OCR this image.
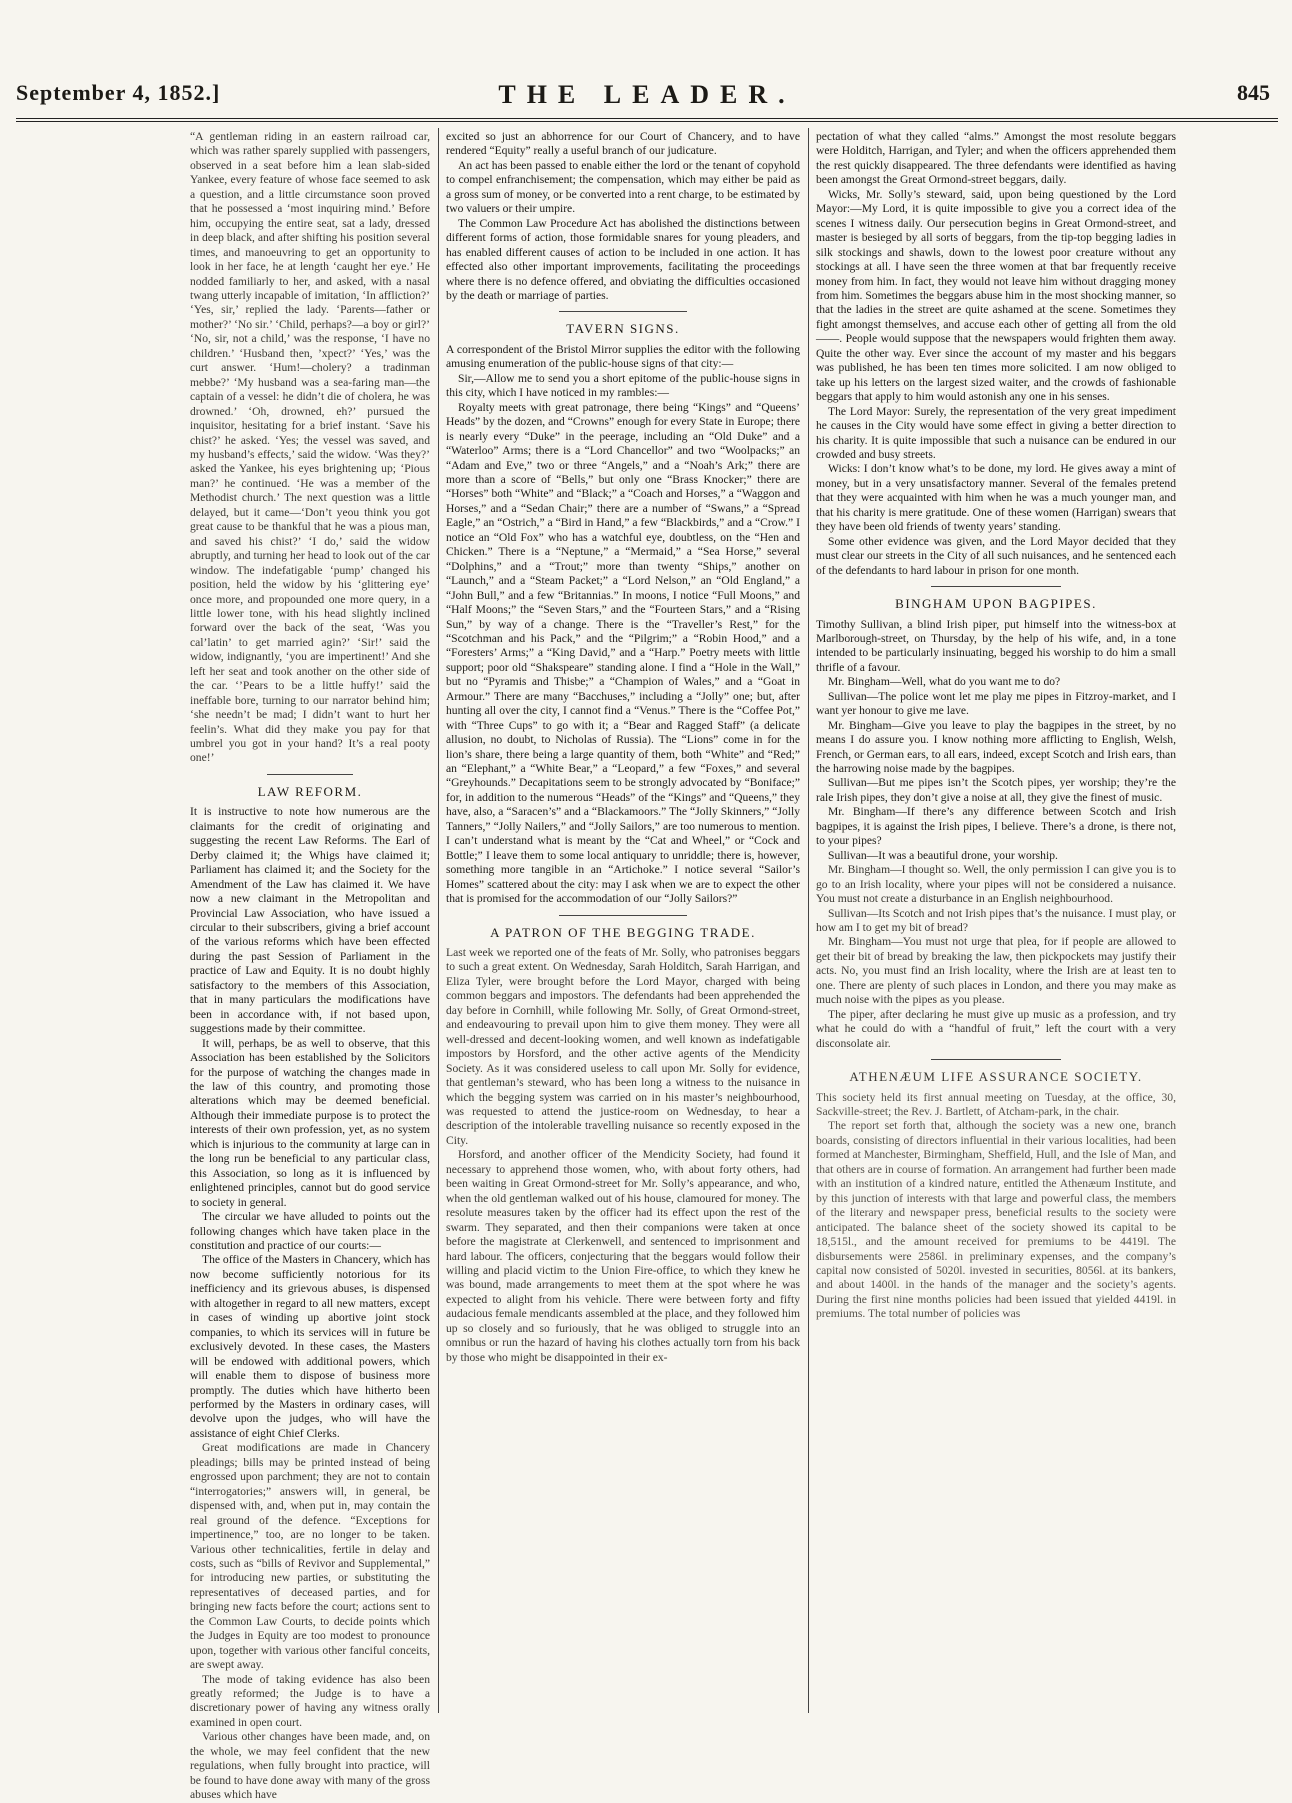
September 4, 1852.]	THE LEADER.	845

“A gentleman riding in an eastern railroad car, which was rather sparely supplied with passengers, observed in a seat before him a lean slab-sided Yankee, every feature of whose face seemed to ask a question, and a little circumstance soon proved that he possessed a ‘most inquiring mind.’ Before him, occupying the entire seat, sat a lady, dressed in deep black, and after shifting his position several times, and manoeuvring to get an opportunity to look in her face, he at length ‘caught her eye.’ He nodded familiarly to her, and asked, with a nasal twang utterly incapable of imitation, ‘In affliction?’ ‘Yes, sir,’ replied the lady. ‘Parents—father or mother?’ ‘No sir.’ ‘Child, perhaps?—a boy or girl?’ ‘No, sir, not a child,’ was the response, ‘I have no children.’ ‘Husband then, ’xpect?’ ‘Yes,’ was the curt answer. ‘Hum!—cholery? a tradinman mebbe?’ ‘My husband was a sea-faring man—the captain of a vessel: he didn’t die of cholera, he was drowned.’ ‘Oh, drowned, eh?’ pursued the inquisitor, hesitating for a brief instant. ‘Save his chist?’ he asked. ‘Yes; the vessel was saved, and my husband’s effects,’ said the widow. ‘Was they?’ asked the Yankee, his eyes brightening up; ‘Pious man?’ he continued. ‘He was a member of the Methodist church.’ The next question was a little delayed, but it came—‘Don’t yeou think you got great cause to be thankful that he was a pious man, and saved his chist?’ ‘I do,’ said the widow abruptly, and turning her head to look out of the car window. The indefatigable ‘pump’ changed his position, held the widow by his ‘glittering eye’ once more, and propounded one more query, in a little lower tone, with his head slightly inclined forward over the back of the seat, ‘Was you cal’latin’ to get married agin?’ ‘Sir!’ said the widow, indignantly, ‘you are impertinent!’ And she left her seat and took another on the other side of the car. ‘’Pears to be a little huffy!’ said the ineffable bore, turning to our narrator behind him; ‘she needn’t be mad; I didn’t want to hurt her feelin’s. What did they make you pay for that umbrel you got in your hand? It’s a real pooty one!’

LAW REFORM.

It is instructive to note how numerous are the claimants for the credit of originating and suggesting the recent Law Reforms. The Earl of Derby claimed it; the Whigs have claimed it; Parliament has claimed it; and the Society for the Amendment of the Law has claimed it. We have now a new claimant in the Metropolitan and Provincial Law Association, who have issued a circular to their subscribers, giving a brief account of the various reforms which have been effected during the past Session of Parliament in the practice of Law and Equity. It is no doubt highly satisfactory to the members of this Association, that in many particulars the modifications have been in accordance with, if not based upon, suggestions made by their committee.

It will, perhaps, be as well to observe, that this Association has been established by the Solicitors for the purpose of watching the changes made in the law of this country, and promoting those alterations which may be deemed beneficial. Although their immediate purpose is to protect the interests of their own profession, yet, as no system which is injurious to the community at large can in the long run be beneficial to any particular class, this Association, so long as it is influenced by enlightened principles, cannot but do good service to society in general.

The circular we have alluded to points out the following changes which have taken place in the constitution and practice of our courts:—

The office of the Masters in Chancery, which has now become sufficiently notorious for its inefficiency and its grievous abuses, is dispensed with altogether in regard to all new matters, except in cases of winding up abortive joint stock companies, to which its services will in future be exclusively devoted. In these cases, the Masters will be endowed with additional powers, which will enable them to dispose of business more promptly. The duties which have hitherto been performed by the Masters in ordinary cases, will devolve upon the judges, who will have the assistance of eight Chief Clerks.

Great modifications are made in Chancery pleadings; bills may be printed instead of being engrossed upon parchment; they are not to contain “interrogatories;” answers will, in general, be dispensed with, and, when put in, may contain the real ground of the defence. “Exceptions for impertinence,” too, are no longer to be taken. Various other technicalities, fertile in delay and costs, such as “bills of Revivor and Supplemental,” for introducing new parties, or substituting the representatives of deceased parties, and for bringing new facts before the court; actions sent to the Common Law Courts, to decide points which the Judges in Equity are too modest to pronounce upon, together with various other fanciful conceits, are swept away.

The mode of taking evidence has also been greatly reformed; the Judge is to have a discretionary power of having any witness orally examined in open court.

Various other changes have been made, and, on the whole, we may feel confident that the new regulations, when fully brought into practice, will be found to have done away with many of the gross abuses which have

excited so just an abhorrence for our Court of Chancery, and to have rendered “Equity” really a useful branch of our judicature.

An act has been passed to enable either the lord or the tenant of copyhold to compel enfranchisement; the compensation, which may either be paid as a gross sum of money, or be converted into a rent charge, to be estimated by two valuers or their umpire.

The Common Law Procedure Act has abolished the distinctions between different forms of action, those formidable snares for young pleaders, and has enabled different causes of action to be included in one action. It has effected also other important improvements, facilitating the proceedings where there is no defence offered, and obviating the difficulties occasioned by the death or marriage of parties.

TAVERN SIGNS.

A correspondent of the Bristol Mirror supplies the editor with the following amusing enumeration of the public-house signs of that city:—

Sir,—Allow me to send you a short epitome of the public-house signs in this city, which I have noticed in my rambles:—

Royalty meets with great patronage, there being “Kings” and “Queens’ Heads” by the dozen, and “Crowns” enough for every State in Europe; there is nearly every “Duke” in the peerage, including an “Old Duke” and a “Waterloo” Arms; there is a “Lord Chancellor” and two “Woolpacks;” an “Adam and Eve,” two or three “Angels,” and a “Noah’s Ark;” there are more than a score of “Bells,” but only one “Brass Knocker;” there are “Horses” both “White” and “Black;” a “Coach and Horses,” a “Waggon and Horses,” and a “Sedan Chair;” there are a number of “Swans,” a “Spread Eagle,” an “Ostrich,” a “Bird in Hand,” a few “Blackbirds,” and a “Crow.” I notice an “Old Fox” who has a watchful eye, doubtless, on the “Hen and Chicken.” There is a “Neptune,” a “Mermaid,” a “Sea Horse,” several “Dolphins,” and a “Trout;” more than twenty “Ships,” another on “Launch,” and a “Steam Packet;” a “Lord Nelson,” an “Old England,” a “John Bull,” and a few “Britannias.” In moons, I notice “Full Moons,” and “Half Moons;” the “Seven Stars,” and the “Fourteen Stars,” and a “Rising Sun,” by way of a change. There is the “Traveller’s Rest,” for the “Scotchman and his Pack,” and the “Pilgrim;” a “Robin Hood,” and a “Foresters’ Arms;” a “King David,” and a “Harp.” Poetry meets with little support; poor old “Shakspeare” standing alone. I find a “Hole in the Wall,” but no “Pyramis and Thisbe;” a “Champion of Wales,” and a “Goat in Armour.” There are many “Bacchuses,” including a “Jolly” one; but, after hunting all over the city, I cannot find a “Venus.” There is the “Coffee Pot,” with “Three Cups” to go with it; a “Bear and Ragged Staff” (a delicate allusion, no doubt, to Nicholas of Russia). The “Lions” come in for the lion’s share, there being a large quantity of them, both “White” and “Red;” an “Elephant,” a “White Bear,” a “Leopard,” a few “Foxes,” and several “Greyhounds.” Decapitations seem to be strongly advocated by “Boniface;” for, in addition to the numerous “Heads” of the “Kings” and “Queens,” they have, also, a “Saracen’s” and a “Blackamoors.” The “Jolly Skinners,” “Jolly Tanners,” “Jolly Nailers,” and “Jolly Sailors,” are too numerous to mention. I can’t understand what is meant by the “Cat and Wheel,” or “Cock and Bottle;” I leave them to some local antiquary to unriddle; there is, however, something more tangible in an “Artichoke.” I notice several “Sailor’s Homes” scattered about the city: may I ask when we are to expect the other that is promised for the accommodation of our “Jolly Sailors?”

A PATRON OF THE BEGGING TRADE.

Last week we reported one of the feats of Mr. Solly, who patronises beggars to such a great extent. On Wednesday, Sarah Holditch, Sarah Harrigan, and Eliza Tyler, were brought before the Lord Mayor, charged with being common beggars and impostors. The defendants had been apprehended the day before in Cornhill, while following Mr. Solly, of Great Ormond-street, and endeavouring to prevail upon him to give them money. They were all well-dressed and decent-looking women, and well known as indefatigable impostors by Horsford, and the other active agents of the Mendicity Society. As it was considered useless to call upon Mr. Solly for evidence, that gentleman’s steward, who has been long a witness to the nuisance in which the begging system was carried on in his master’s neighbourhood, was requested to attend the justice-room on Wednesday, to hear a description of the intolerable travelling nuisance so recently exposed in the City.

Horsford, and another officer of the Mendicity Society, had found it necessary to apprehend those women, who, with about forty others, had been waiting in Great Ormond-street for Mr. Solly’s appearance, and who, when the old gentleman walked out of his house, clamoured for money. The resolute measures taken by the officer had its effect upon the rest of the swarm. They separated, and then their companions were taken at once before the magistrate at Clerkenwell, and sentenced to imprisonment and hard labour. The officers, conjecturing that the beggars would follow their willing and placid victim to the Union Fire-office, to which they knew he was bound, made arrangements to meet them at the spot where he was expected to alight from his vehicle. There were between forty and fifty audacious female mendicants assembled at the place, and they followed him up so closely and so furiously, that he was obliged to struggle into an omnibus or run the hazard of having his clothes actually torn from his back by those who might be disappointed in their ex-

pectation of what they called “alms.” Amongst the most resolute beggars were Holditch, Harrigan, and Tyler; and when the officers apprehended them the rest quickly disappeared. The three defendants were identified as having been amongst the Great Ormond-street beggars, daily.

Wicks, Mr. Solly’s steward, said, upon being questioned by the Lord Mayor:—My Lord, it is quite impossible to give you a correct idea of the scenes I witness daily. Our persecution begins in Great Ormond-street, and master is besieged by all sorts of beggars, from the tip-top begging ladies in silk stockings and shawls, down to the lowest poor creature without any stockings at all. I have seen the three women at that bar frequently receive money from him. In fact, they would not leave him without dragging money from him. Sometimes the beggars abuse him in the most shocking manner, so that the ladies in the street are quite ashamed at the scene. Sometimes they fight amongst themselves, and accuse each other of getting all from the old ——. People would suppose that the newspapers would frighten them away. Quite the other way. Ever since the account of my master and his beggars was published, he has been ten times more solicited. I am now obliged to take up his letters on the largest sized waiter, and the crowds of fashionable beggars that apply to him would astonish any one in his senses.

The Lord Mayor: Surely, the representation of the very great impediment he causes in the City would have some effect in giving a better direction to his charity. It is quite impossible that such a nuisance can be endured in our crowded and busy streets.

Wicks: I don’t know what’s to be done, my lord. He gives away a mint of money, but in a very unsatisfactory manner. Several of the females pretend that they were acquainted with him when he was a much younger man, and that his charity is mere gratitude. One of these women (Harrigan) swears that they have been old friends of twenty years’ standing.

Some other evidence was given, and the Lord Mayor decided that they must clear our streets in the City of all such nuisances, and he sentenced each of the defendants to hard labour in prison for one month.

BINGHAM UPON BAGPIPES.

Timothy Sullivan, a blind Irish piper, put himself into the witness-box at Marlborough-street, on Thursday, by the help of his wife, and, in a tone intended to be particularly insinuating, begged his worship to do him a small thrifle of a favour.

Mr. Bingham—Well, what do you want me to do?

Sullivan—The police wont let me play me pipes in Fitzroy-market, and I want yer honour to give me lave.

Mr. Bingham—Give you leave to play the bagpipes in the street, by no means I do assure you. I know nothing more afflicting to English, Welsh, French, or German ears, to all ears, indeed, except Scotch and Irish ears, than the harrowing noise made by the bagpipes.

Sullivan—But me pipes isn’t the Scotch pipes, yer worship; they’re the rale Irish pipes, they don’t give a noise at all, they give the finest of music.

Mr. Bingham—If there’s any difference between Scotch and Irish bagpipes, it is against the Irish pipes, I believe. There’s a drone, is there not, to your pipes?

Sullivan—It was a beautiful drone, your worship.

Mr. Bingham—I thought so. Well, the only permission I can give you is to go to an Irish locality, where your pipes will not be considered a nuisance. You must not create a disturbance in an English neighbourhood.

Sullivan—Its Scotch and not Irish pipes that’s the nuisance. I must play, or how am I to get my bit of bread?

Mr. Bingham—You must not urge that plea, for if people are allowed to get their bit of bread by breaking the law, then pickpockets may justify their acts. No, you must find an Irish locality, where the Irish are at least ten to one. There are plenty of such places in London, and there you may make as much noise with the pipes as you please.

The piper, after declaring he must give up music as a profession, and try what he could do with a “handful of fruit,” left the court with a very disconsolate air.

ATHENÆUM LIFE ASSURANCE SOCIETY.

This society held its first annual meeting on Tuesday, at the office, 30, Sackville-street; the Rev. J. Bartlett, of Atcham-park, in the chair.

The report set forth that, although the society was a new one, branch boards, consisting of directors influential in their various localities, had been formed at Manchester, Birmingham, Sheffield, Hull, and the Isle of Man, and that others are in course of formation. An arrangement had further been made with an institution of a kindred nature, entitled the Athenæum Institute, and by this junction of interests with that large and powerful class, the members of the literary and newspaper press, beneficial results to the society were anticipated. The balance sheet of the society showed its capital to be 18,515l., and the amount received for premiums to be 4419l. The disbursements were 2586l. in preliminary expenses, and the company’s capital now consisted of 5020l. invested in securities, 8056l. at its bankers, and about 1400l. in the hands of the manager and the society’s agents. During the first nine months policies had been issued that yielded 4419l. in premiums. The total number of policies was
